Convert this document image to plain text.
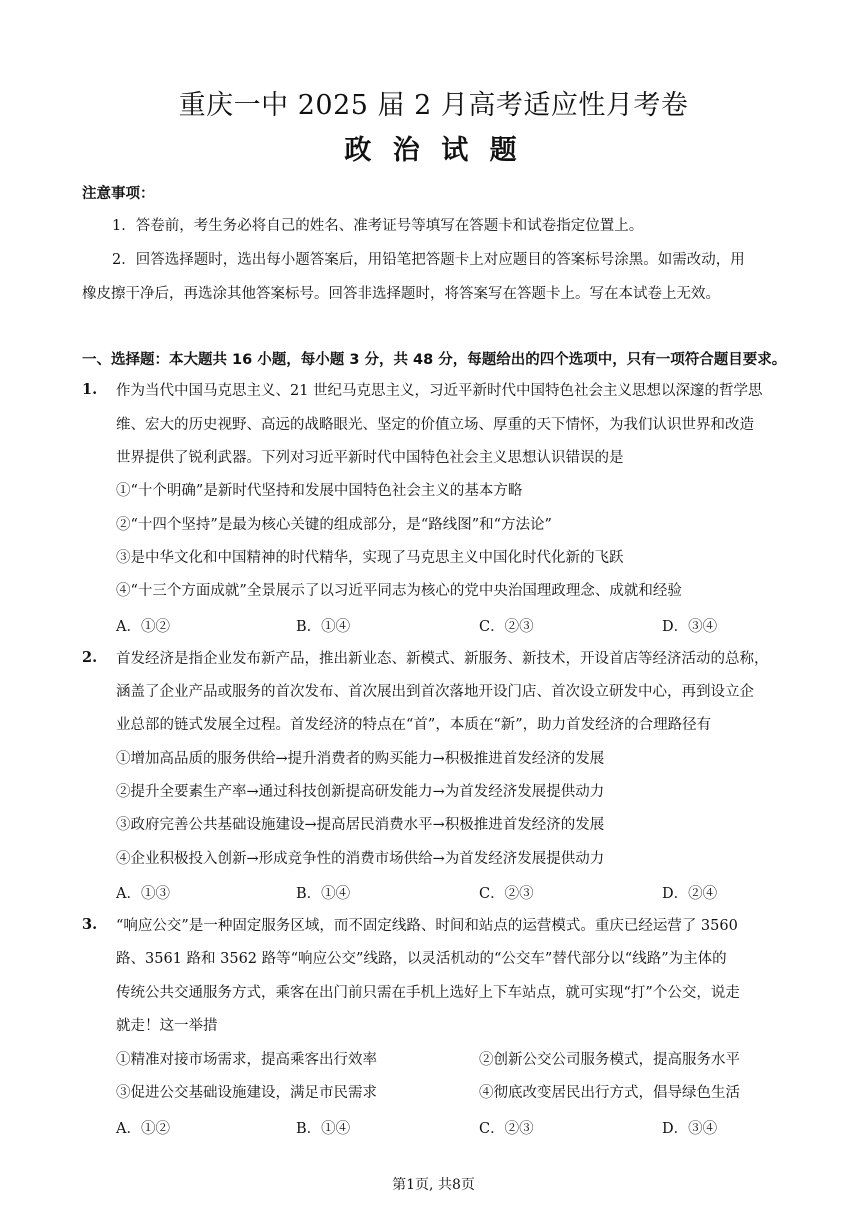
重庆一中 2025 届 2 月高考适应性月考卷
政 治 试 题
注意事项：
1．答卷前，考生务必将自己的姓名、准考证号等填写在答题卡和试卷指定位置上。
2．回答选择题时，选出每小题答案后，用铅笔把答题卡上对应题目的答案标号涂黑。如需改动，用
橡皮擦干净后，再选涂其他答案标号。回答非选择题时，将答案写在答题卡上。写在本试卷上无效。
一、选择题：本大题共 16 小题，每小题 3 分，共 48 分，每题给出的四个选项中，只有一项符合题目要求。
1. 作为当代中国马克思主义、21 世纪马克思主义，习近平新时代中国特色社会主义思想以深邃的哲学思
维、宏大的历史视野、高远的战略眼光、坚定的价值立场、厚重的天下情怀，为我们认识世界和改造
世界提供了锐利武器。下列对习近平新时代中国特色社会主义思想认识错误的是
①“十个明确”是新时代坚持和发展中国特色社会主义的基本方略
②“十四个坚持”是最为核心关键的组成部分，是“路线图”和“方法论”
③是中华文化和中国精神的时代精华，实现了马克思主义中国化时代化新的飞跃
④“十三个方面成就”全景展示了以习近平同志为核心的党中央治国理政理念、成就和经验
A．①②	B．①④	C．②③	D．③④
2. 首发经济是指企业发布新产品，推出新业态、新模式、新服务、新技术，开设首店等经济活动的总称，
涵盖了企业产品或服务的首次发布、首次展出到首次落地开设门店、首次设立研发中心，再到设立企
业总部的链式发展全过程。首发经济的特点在“首”，本质在“新”，助力首发经济的合理路径有
①增加高品质的服务供给→提升消费者的购买能力→积极推进首发经济的发展
②提升全要素生产率→通过科技创新提高研发能力→为首发经济发展提供动力
③政府完善公共基础设施建设→提高居民消费水平→积极推进首发经济的发展
④企业积极投入创新→形成竞争性的消费市场供给→为首发经济发展提供动力
A．①③	B．①④	C．②③	D．②④
3. “响应公交”是一种固定服务区域，而不固定线路、时间和站点的运营模式。重庆已经运营了 3560
路、3561 路和 3562 路等“响应公交”线路，以灵活机动的“公交车”替代部分以“线路”为主体的
传统公共交通服务方式，乘客在出门前只需在手机上选好上下车站点，就可实现“打”个公交，说走
就走！这一举措
①精准对接市场需求，提高乘客出行效率	②创新公交公司服务模式，提高服务水平
③促进公交基础设施建设，满足市民需求	④彻底改变居民出行方式，倡导绿色生活
A．①②	B．①④	C．②③	D．③④
第1页, 共8页
